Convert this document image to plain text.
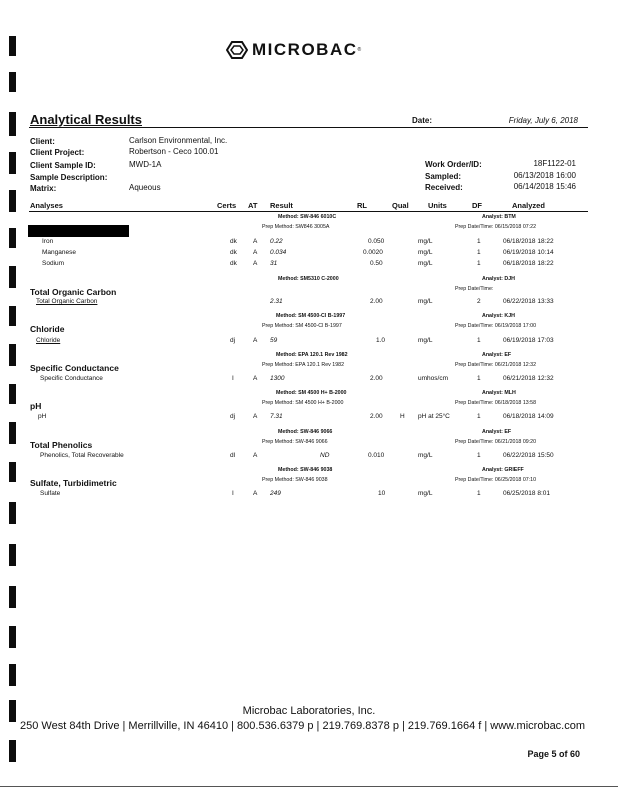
MICROBAC ®
Analytical Results	Date:	Friday, July 6, 2018
Client:	Carlson Environmental, Inc.
Client Project:	Robertson - Ceco 100.01
Client Sample ID:	MWD-1A
Sample Description:
Matrix:	Aqueous
Work Order/ID:	18F1122-01
Sampled:	06/13/2018 16:00
Received:	06/14/2018 15:46
Analyses	Certs AT Result	RL	Qual	Units	DF	Analyzed
Method: SW-846 6010C
Prep Method: SW846 3005A
Analyst: BTM
Prep Date/Time: 06/15/2018 07:22
Iron	dk A 0.22	0.050	mg/L	1	06/18/2018 18:22
Manganese	dk A 0.034	0.0020	mg/L	1	06/19/2018 10:14
Sodium	dk A 31	0.50	mg/L	1	06/18/2018 18:22
Method: SM5310 C-2000	Analyst: DJH
Prep Date/Time:
Total Organic Carbon
Total Organic Carbon	2.31	2.00	mg/L	2	06/22/2018 13:33
Method: SM 4500-Cl B-1997
Prep Method: SM 4500-Cl B-1997
Analyst: KJH
Prep Date/Time: 06/19/2018 17:00
Chloride
Chloride	dj	A 59	1.0	mg/L	1	06/19/2018 17:03
Method: EPA 120.1 Rev 1982
Prep Method: EPA 120.1 Rev 1982
Analyst: EF
Prep Date/Time: 06/21/2018 12:32
Specific Conductance
Specific Conductance	I	A 1300	2.00	umhos/cm	1	06/21/2018 12:32
Method: SM 4500 H+ B-2000
Prep Method: SM 4500 H+ B-2000
Analyst: MLH
Prep Date/Time: 06/18/2018 13:58
pH
pH	dj	A 7.31	2.00	H pH at 25°C	1	06/18/2018 14:09
Method: SW-846 9066
Prep Method: SW-846 9066
Analyst: EF
Prep Date/Time: 06/21/2018 09:20
Total Phenolics
Phenolics, Total Recoverable	dl	A	ND	0.010	mg/L	1	06/22/2018 15:50
Method: SW-846 9038
Prep Method: SW-846 9038
Analyst: GRIEFF
Prep Date/Time: 06/25/2018 07:10
Sulfate, Turbidimetric
Sulfate	I	A 249	10	mg/L	1	06/25/2018 8:01
Microbac Laboratories, Inc.
250 West 84th Drive | Merrillville, IN 46410 | 800.536.6379 p | 219.769.8378 p | 219.769.1664 f | www.microbac.com
Page 5 of 60
